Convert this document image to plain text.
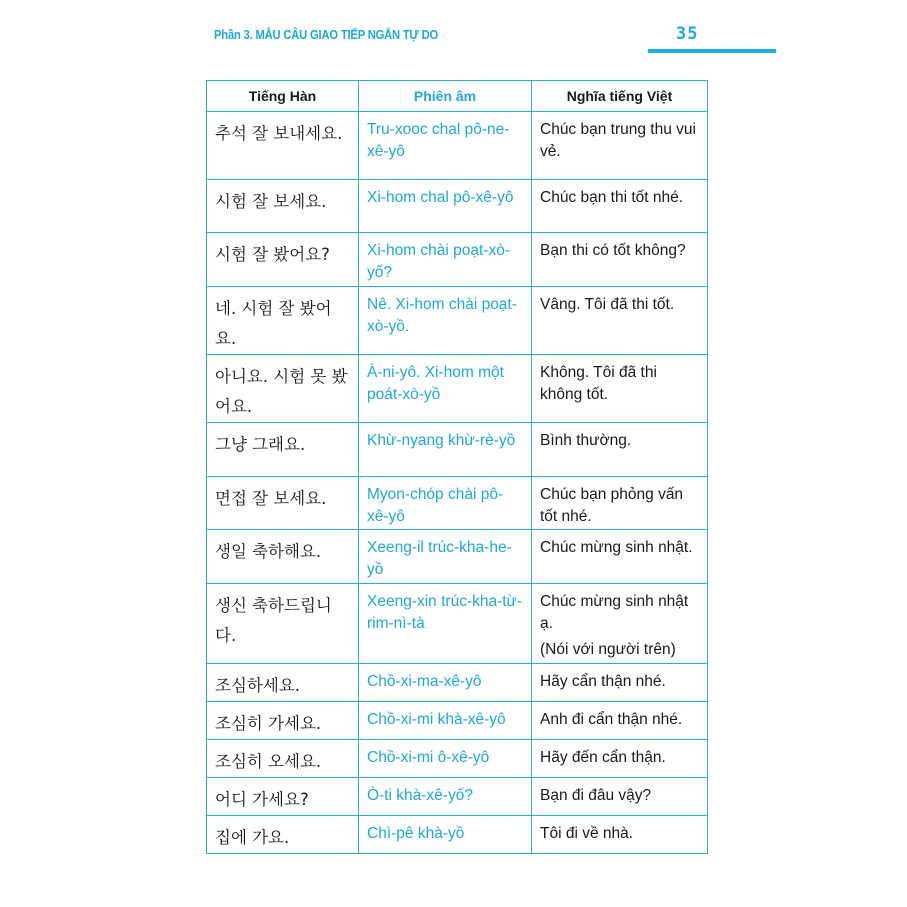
Phần 3. MẪU CÂU GIAO TIẾP NGẮN TỰ DO	35
Tiếng Hàn	Phiên âm	Nghĩa tiếng Việt
추석 잘 보내세요.	Tru-xooc chal pô-ne-xê-yô	Chúc bạn trung thu vui vẻ.
시험 잘 보세요.	Xi-hom chal pô-xê-yô	Chúc bạn thi tốt nhé.
시험 잘 봤어요?	Xi-hom chài poạt-xò-yố?	Bạn thi có tốt không?
네. 시험 잘 봤어요.	Nê. Xi-hom chài poạt-xò-yồ.	Vâng. Tôi đã thi tốt.
아니요. 시험 못 봤어요.	À-ni-yô. Xi-hom một poát-xò-yồ	Không. Tôi đã thi không tốt.
그냥 그래요.	Khừ-nyang khừ-rè-yồ	Bình thường.
면접 잘 보세요.	Myon-chóp chài pô-xê-yô	Chúc bạn phỏng vấn tốt nhé.
생일 축하해요.	Xeeng-il trúc-kha-he-yồ	Chúc mừng sinh nhật.
생신 축하드립니다.	Xeeng-xin trúc-kha-từ-rim-nì-tà	Chúc mừng sinh nhật ạ.
(Nói với người trên)

조심하세요.	Chồ-xi-ma-xê-yô	Hãy cẩn thận nhé.
조심히 가세요.	Chồ-xi-mi khà-xê-yô	Anh đi cẩn thận nhé.
조심히 오세요.	Chồ-xi-mi ô-xê-yô	Hãy đến cẩn thận.
어디 가세요?	Ò-ti khà-xê-yố?	Bạn đi đâu vậy?
집에 가요.	Chì-pê khà-yồ	Tôi đi về nhà.
